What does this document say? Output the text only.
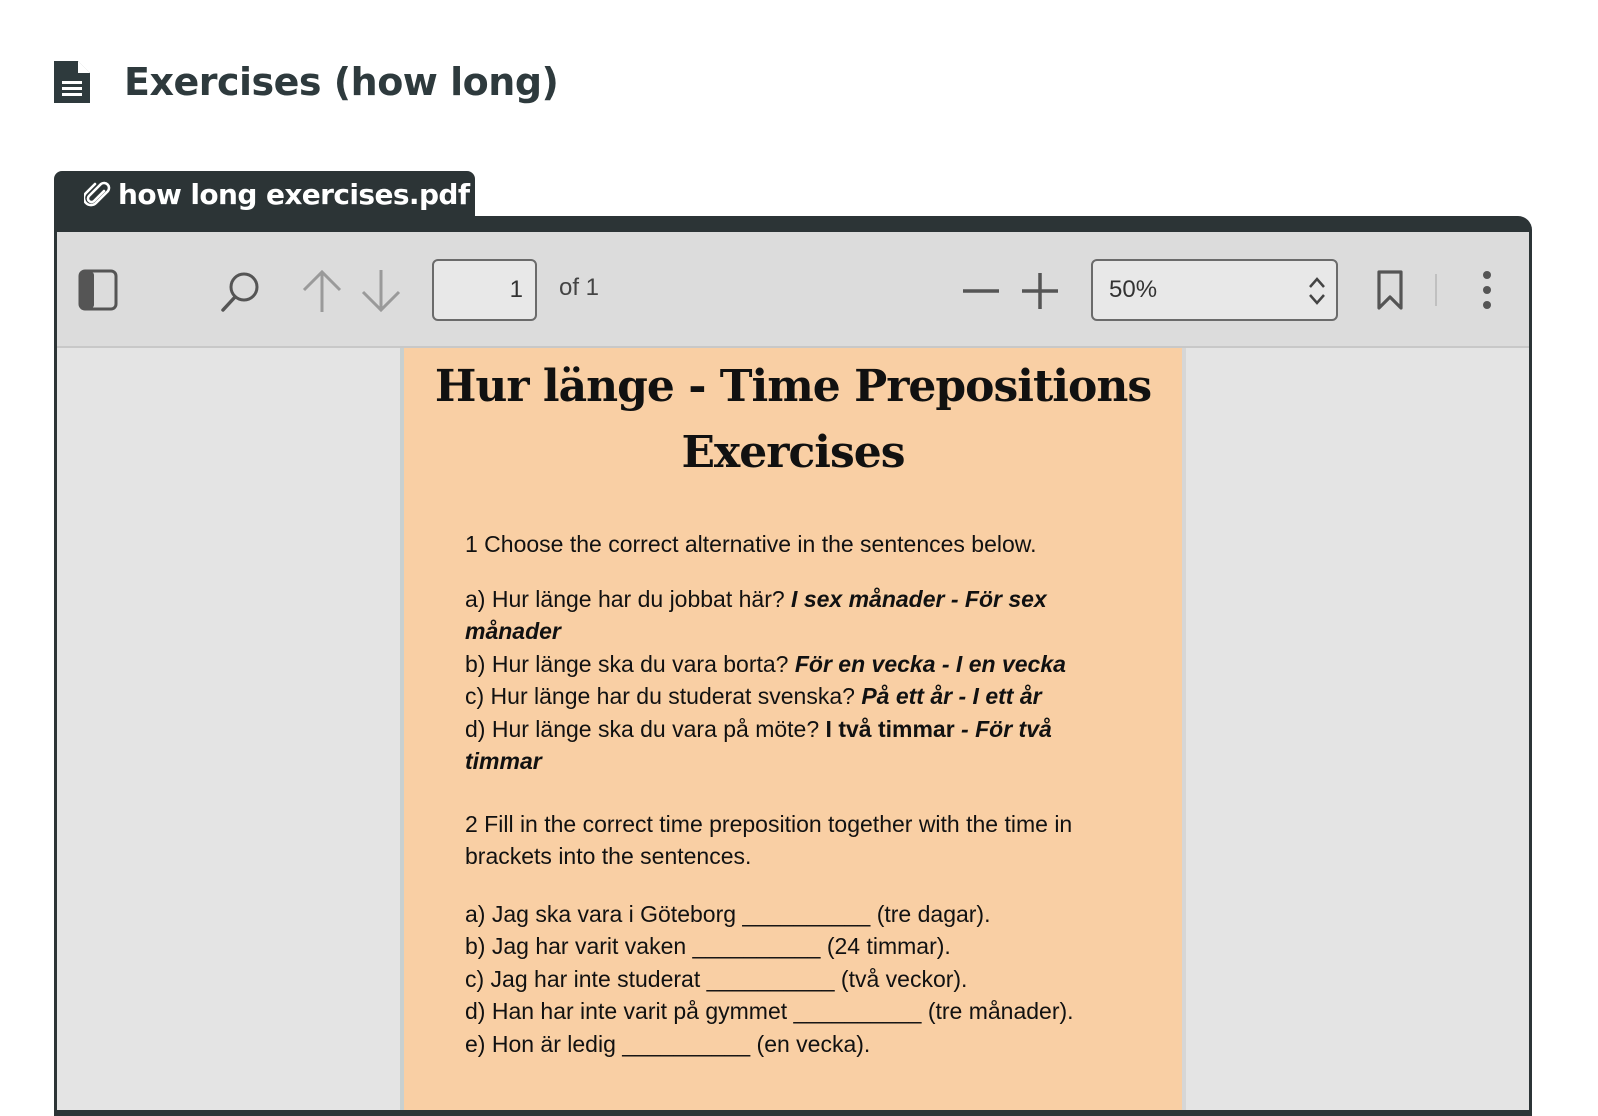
Exercises (how long)
how long exercises.pdf
1	of 1	50%
Hur länge - Time Prepositions
Exercises

1 Choose the correct alternative in the sentences below.

a) Hur länge har du jobbat här? I sex månader - För sex månader

b) Hur länge ska du vara borta? För en vecka - I en vecka

c) Hur länge har du studerat svenska? På ett år - I ett år

d) Hur länge ska du vara på möte? I två timmar - För två timmar

2 Fill in the correct time preposition together with the time in brackets into the sentences.

a) Jag ska vara i Göteborg __________ (tre dagar).

b) Jag har varit vaken __________ (24 timmar).

c) Jag har inte studerat __________ (två veckor).

d) Han har inte varit på gymmet __________ (tre månader).

e) Hon är ledig __________ (en vecka).
